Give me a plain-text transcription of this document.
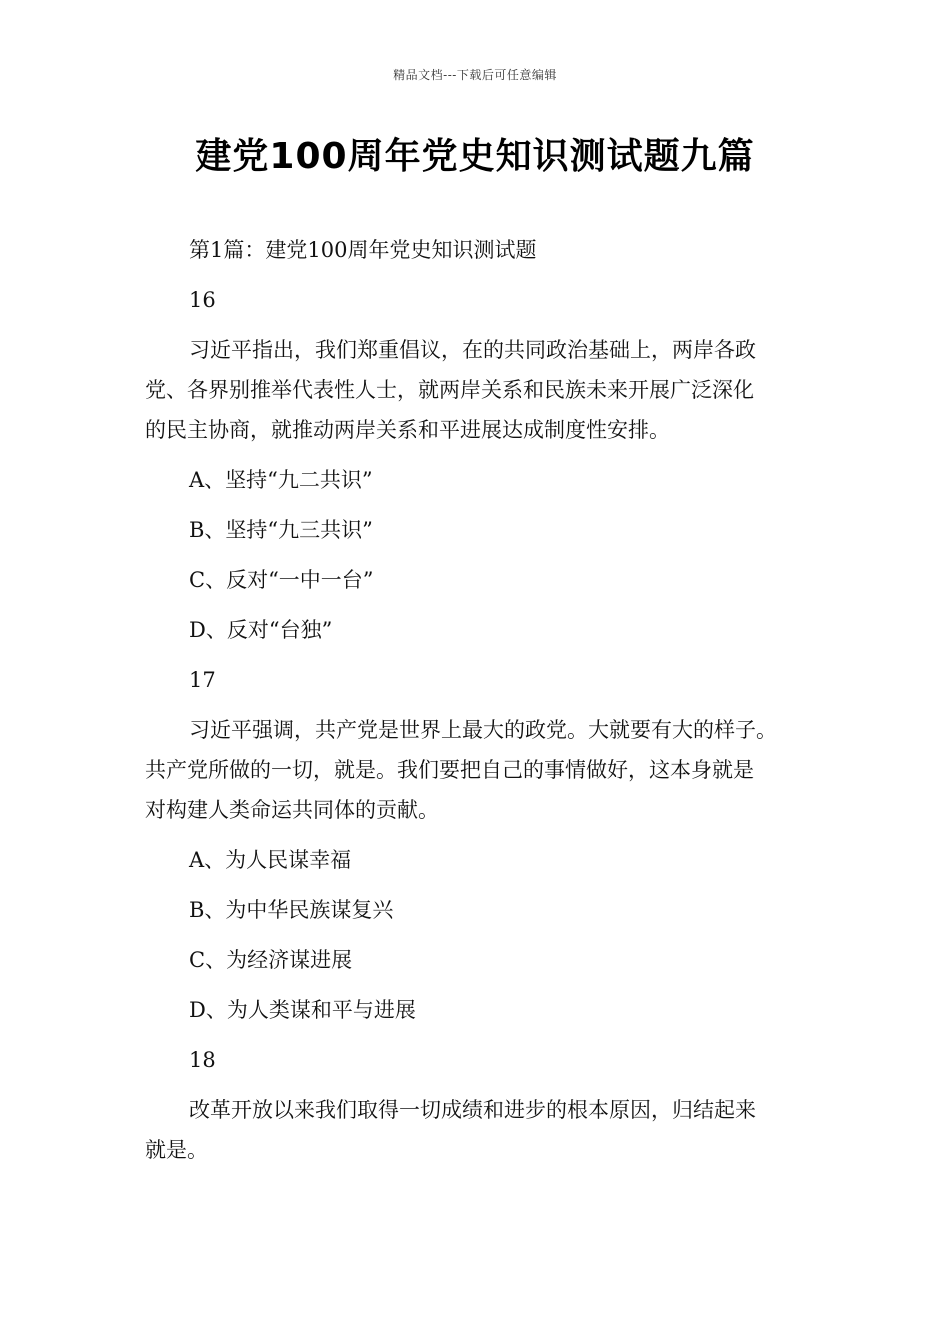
精品文档---下载后可任意编辑
建党100周年党史知识测试题九篇
第1篇：建党100周年党史知识测试题
16
习近平指出，我们郑重倡议，在的共同政治基础上，两岸各政
党、各界别推举代表性人士，就两岸关系和民族未来开展广泛深化
的民主协商，就推动两岸关系和平进展达成制度性安排。
A、坚持“九二共识”
B、坚持“九三共识”
C、反对“一中一台”
D、反对“台独”
17
习近平强调，共产党是世界上最大的政党。大就要有大的样子。
共产党所做的一切，就是。我们要把自己的事情做好，这本身就是
对构建人类命运共同体的贡献。
A、为人民谋幸福
B、为中华民族谋复兴
C、为经济谋进展
D、为人类谋和平与进展
18
改革开放以来我们取得一切成绩和进步的根本原因，归结起来
就是。
